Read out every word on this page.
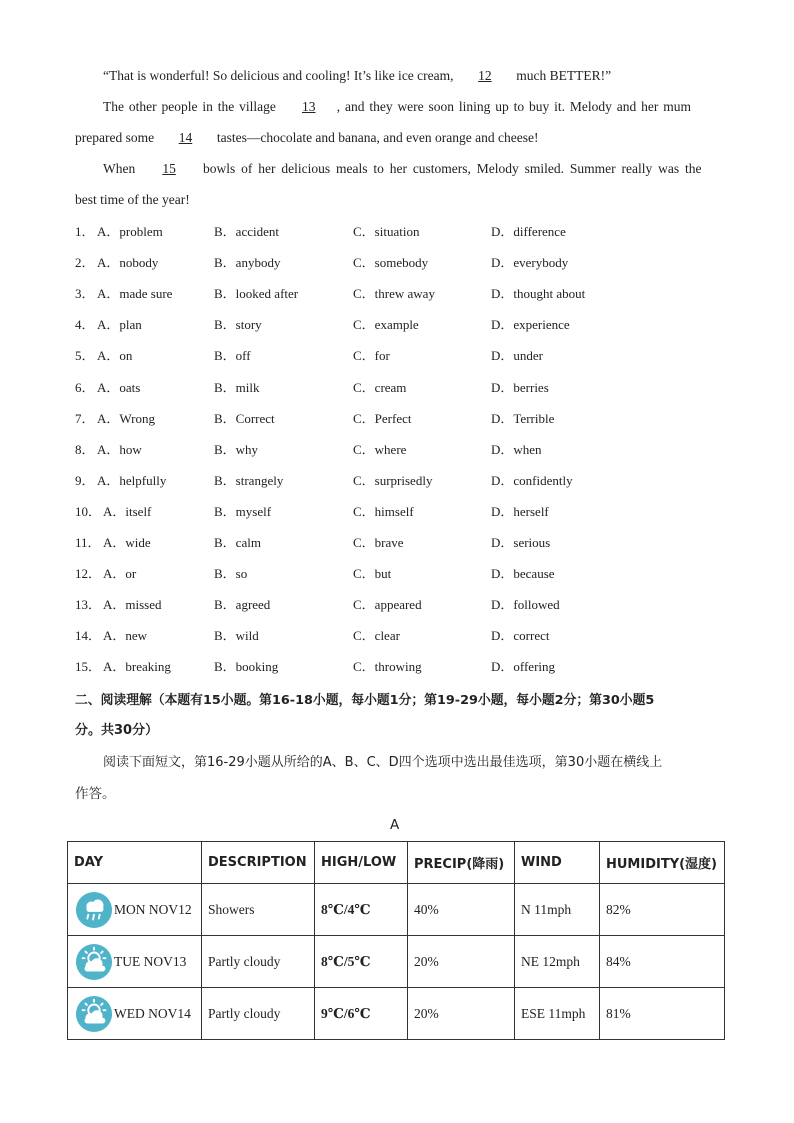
“That is wonderful! So delicious and cooling! It’s like ice cream, 12 much BETTER!”
The other people in the village 13 , and they were soon lining up to buy it. Melody and her mum
prepared some 14 tastes—chocolate and banana, and even orange and cheese!
When 15 bowls of her delicious meals to her customers, Melody smiled. Summer really was the
best time of the year!
1． A．problem	B．accident	C．situation	D．difference
2． A．nobody	B．anybody	C．somebody	D．everybody
3． A．made sure	B．looked after	C．threw away	D．thought about
4． A．plan	B．story	C．example	D．experience
5． A．on	B．off	C．for	D．under
6． A．oats	B．milk	C．cream	D．berries
7． A．Wrong	B．Correct	C．Perfect	D．Terrible
8． A．how	B．why	C．where	D．when
9． A．helpfully	B．strangely	C．surprisedly	D．confidently
10． A．itself	B．myself	C．himself	D．herself
11． A．wide	B．calm	C．brave	D．serious
12． A．or	B．so	C．but	D．because
13． A．missed	B．agreed	C．appeared	D．followed
14． A．new	B．wild	C．clear	D．correct
15． A．breaking	B．booking	C．throwing	D．offering
二、阅读理解（本题有15小题。第16-18小题，每小题1分；第19-29小题，每小题2分；第30小题5
分。共30分）
阅读下面短文，第16-29小题从所给的A、B、C、D四个选项中选出最佳选项，第30小题在横线上
作答。
A
DAY	DESCRIPTION	HIGH/LOW	PRECIP(降雨)	WIND	HUMIDITY(湿度)

MON NOV12	Showers	8℃/4℃	40%	N 11mph	82%

TUE NOV13	Partly cloudy	8℃/5℃	20%	NE 12mph	84%

WED NOV14	Partly cloudy	9℃/6℃	20%	ESE 11mph	81%
